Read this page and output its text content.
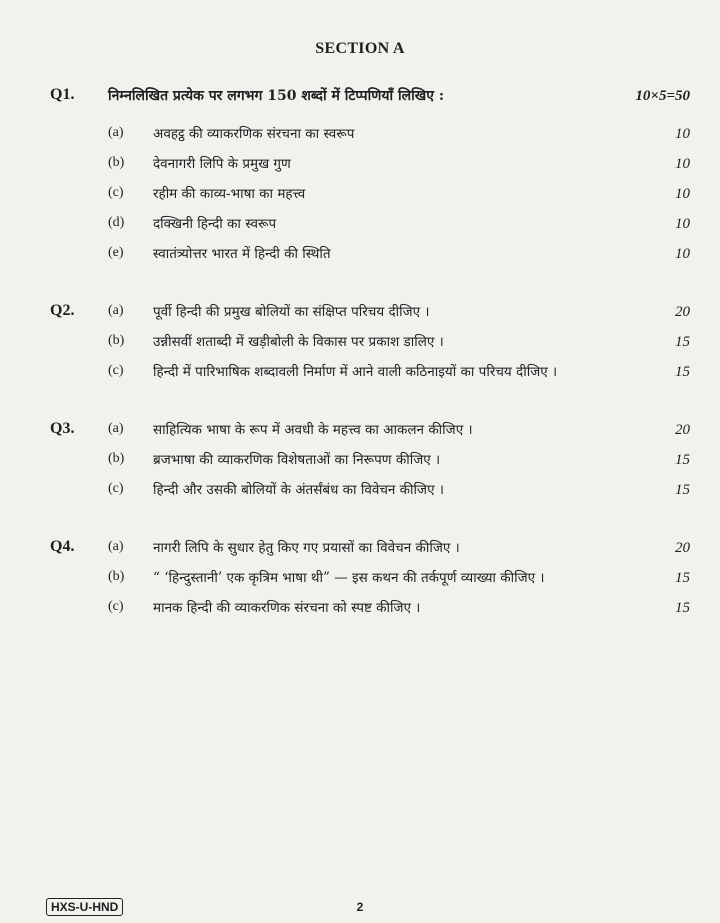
SECTION A
Q1. निम्नलिखित प्रत्येक पर लगभग 150 शब्दों में टिप्पणियाँ लिखिए :	10×5=50
(a) अवहट्ठ की व्याकरणिक संरचना का स्वरूप	10
(b) देवनागरी लिपि के प्रमुख गुण	10
(c) रहीम की काव्य-भाषा का महत्त्व	10
(d) दक्खिनी हिन्दी का स्वरूप	10
(e) स्वातंत्र्योत्तर भारत में हिन्दी की स्थिति	10
Q2. (a) पूर्वी हिन्दी की प्रमुख बोलियों का संक्षिप्त परिचय दीजिए ।	20
(b) उन्नीसवीं शताब्दी में खड़ीबोली के विकास पर प्रकाश डालिए ।	15
(c) हिन्दी में पारिभाषिक शब्दावली निर्माण में आने वाली कठिनाइयों का परिचय दीजिए ।	15
Q3. (a) साहित्यिक भाषा के रूप में अवधी के महत्त्व का आकलन कीजिए ।	20
(b) ब्रजभाषा की व्याकरणिक विशेषताओं का निरूपण कीजिए ।	15
(c) हिन्दी और उसकी बोलियों के अंतर्संबंध का विवेचन कीजिए ।	15
Q4. (a) नागरी लिपि के सुधार हेतु किए गए प्रयासों का विवेचन कीजिए ।	20
(b) “ ‘हिन्दुस्तानी’ एक कृत्रिम भाषा थी” — इस कथन की तर्कपूर्ण व्याख्या कीजिए ।	15
(c) मानक हिन्दी की व्याकरणिक संरचना को स्पष्ट कीजिए ।	15
HXS-U-HND	2
